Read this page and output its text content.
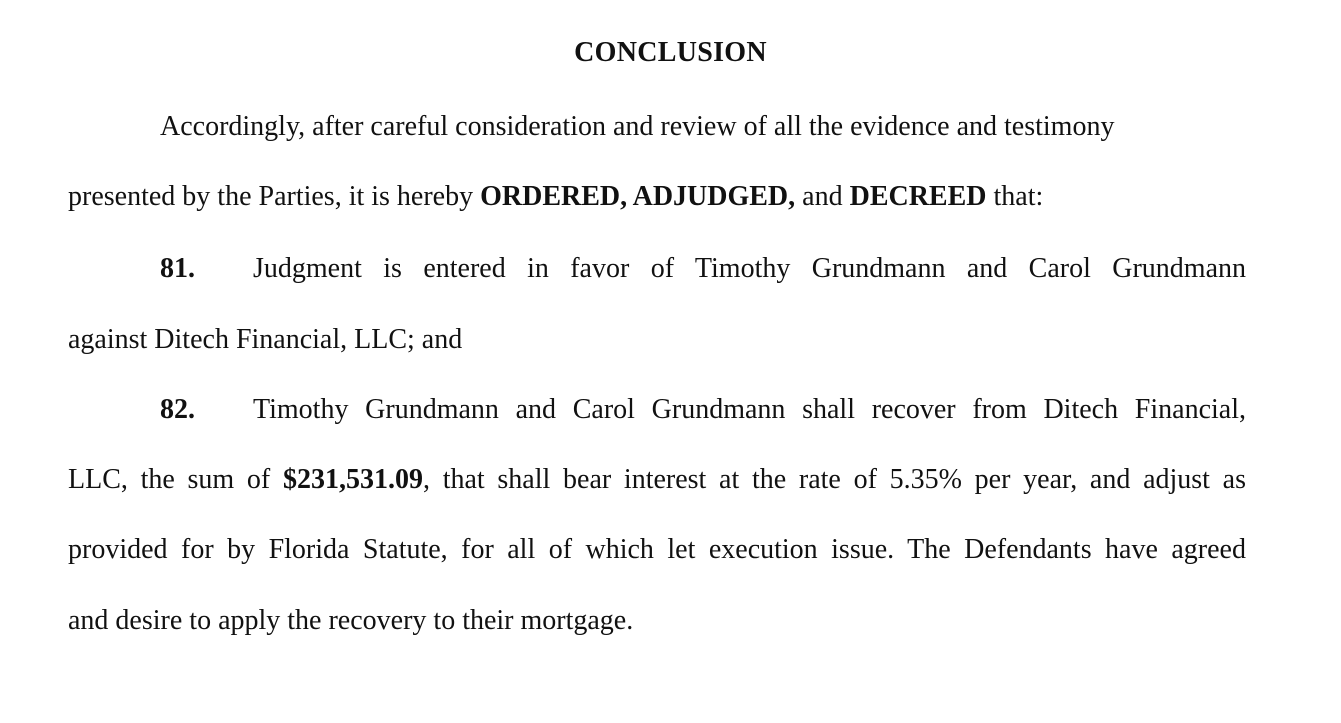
CONCLUSION
Accordingly, after careful consideration and review of all the evidence and testimony
presented by the Parties, it is hereby ORDERED, ADJUDGED, and DECREED that:
81. Judgment is entered in favor of Timothy Grundmann and Carol Grundmann
against Ditech Financial, LLC; and
82. Timothy Grundmann and Carol Grundmann shall recover from Ditech Financial,
LLC, the sum of $231,531.09, that shall bear interest at the rate of 5.35% per year, and adjust as
provided for by Florida Statute, for all of which let execution issue. The Defendants have agreed
and desire to apply the recovery to their mortgage.
